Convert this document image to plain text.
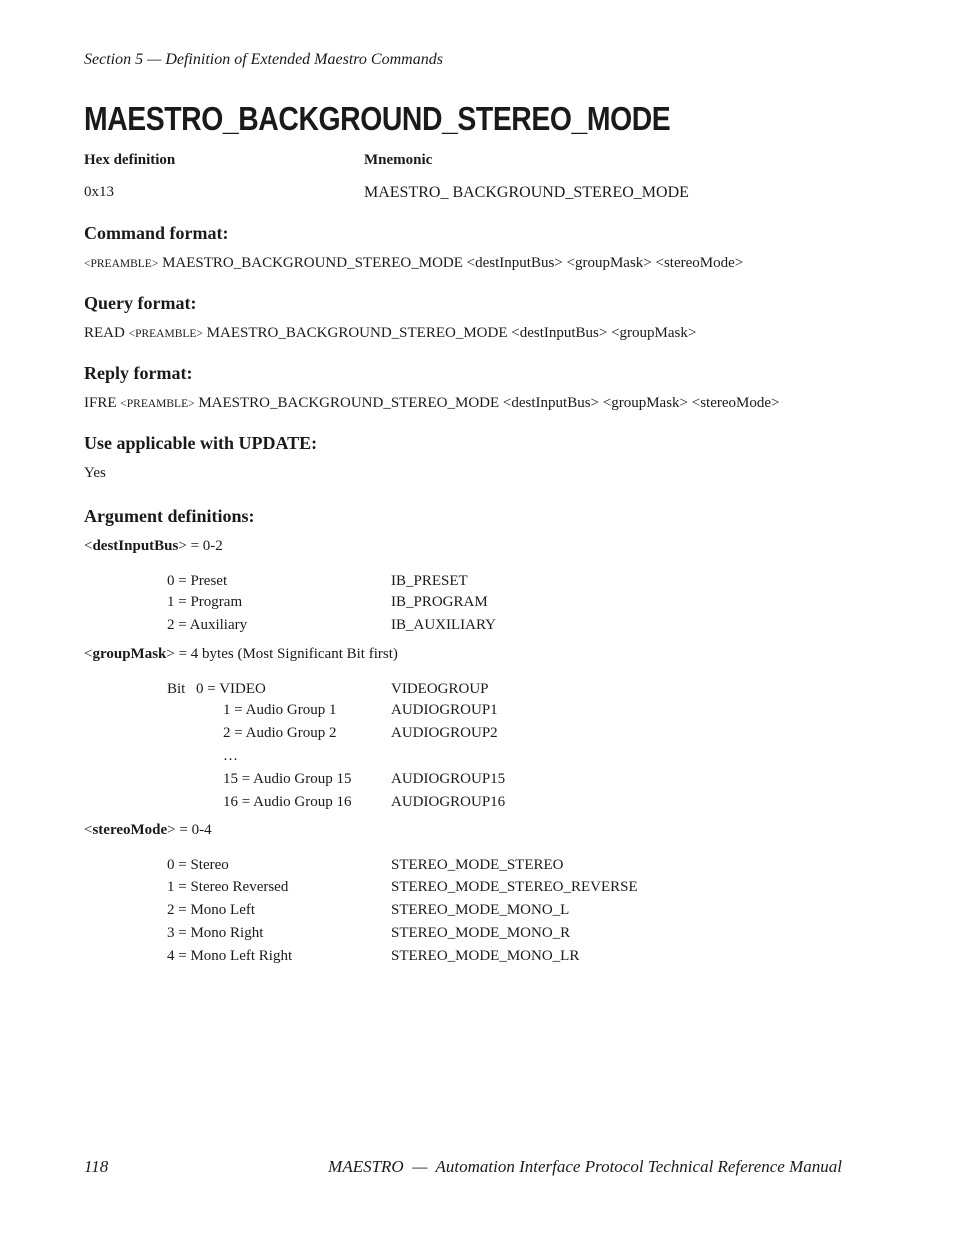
Section 5 — Definition of Extended Maestro Commands
MAESTRO_BACKGROUND_STEREO_MODE
Hex definition	Mnemonic
0x13	MAESTRO_ BACKGROUND_STEREO_MODE
Command format:
<PREAMBLE> MAESTRO_BACKGROUND_STEREO_MODE <destInputBus> <groupMask> <stereoMode>
Query format:
READ <PREAMBLE> MAESTRO_BACKGROUND_STEREO_MODE <destInputBus> <groupMask>
Reply format:
IFRE <PREAMBLE> MAESTRO_BACKGROUND_STEREO_MODE <destInputBus> <groupMask> <stereoMode>
Use applicable with UPDATE:
Yes
Argument definitions:
<destInputBus> = 0-2
0 = Preset	IB_PRESET
1 = Program	IB_PROGRAM
2 = Auxiliary	IB_AUXILIARY
<groupMask> = 4 bytes (Most Significant Bit first)
Bit 0 = VIDEO	VIDEOGROUP
1 = Audio Group 1	AUDIOGROUP1
2 = Audio Group 2	AUDIOGROUP2
…
15 = Audio Group 15	AUDIOGROUP15
16 = Audio Group 16	AUDIOGROUP16
<stereoMode> = 0-4
0 = Stereo	STEREO_MODE_STEREO
1 = Stereo Reversed	STEREO_MODE_STEREO_REVERSE
2 = Mono Left	STEREO_MODE_MONO_L
3 = Mono Right	STEREO_MODE_MONO_R
4 = Mono Left Right	STEREO_MODE_MONO_LR
118	MAESTRO  —  Automation Interface Protocol Technical Reference Manual
